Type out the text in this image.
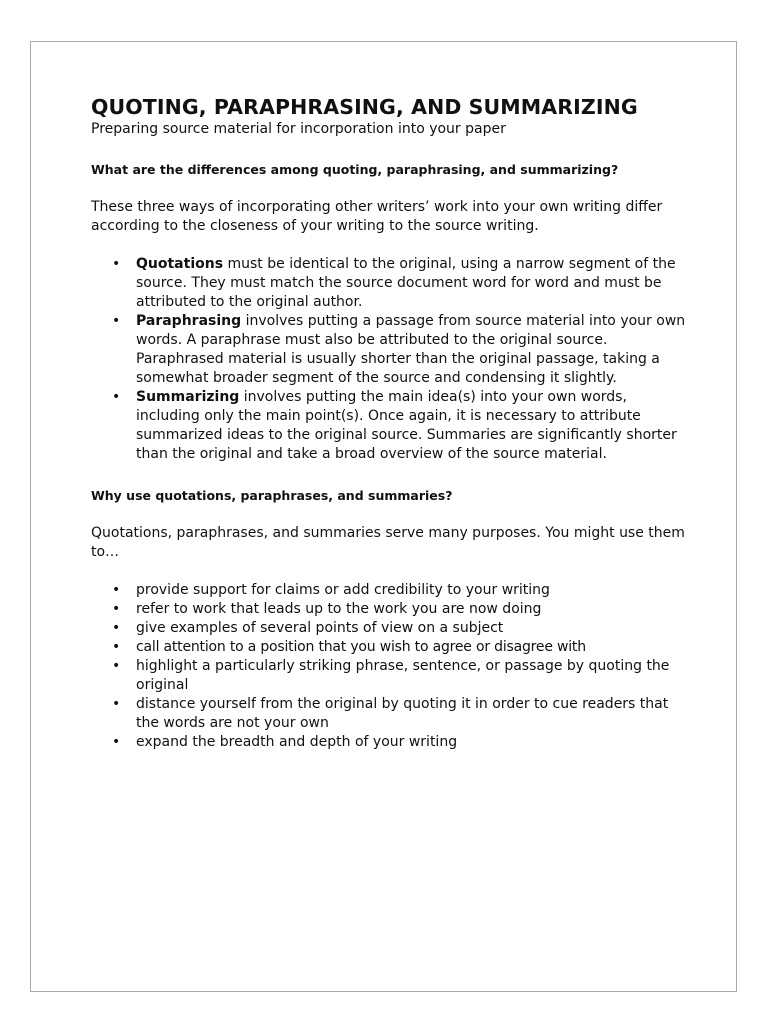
QUOTING, PARAPHRASING, AND SUMMARIZING

Preparing source material for incorporation into your paper

What are the differences among quoting, paraphrasing, and summarizing?

These three ways of incorporating other writers’ work into your own writing differ according to the closeness of your writing to the source writing.

• Quotations must be identical to the original, using a narrow segment of the source. They must match the source document word for word and must be attributed to the original author.
• Paraphrasing involves putting a passage from source material into your own words. A paraphrase must also be attributed to the original source. Paraphrased material is usually shorter than the original passage, taking a somewhat broader segment of the source and condensing it slightly.
• Summarizing involves putting the main idea(s) into your own words, including only the main point(s). Once again, it is necessary to attribute summarized ideas to the original source. Summaries are significantly shorter than the original and take a broad overview of the source material.
Why use quotations, paraphrases, and summaries?

Quotations, paraphrases, and summaries serve many purposes. You might use them to…

• provide support for claims or add credibility to your writing
• refer to work that leads up to the work you are now doing
• give examples of several points of view on a subject
• call attention to a position that you wish to agree or disagree with
• highlight a particularly striking phrase, sentence, or passage by quoting the original
• distance yourself from the original by quoting it in order to cue readers that the words are not your own
• expand the breadth and depth of your writing
